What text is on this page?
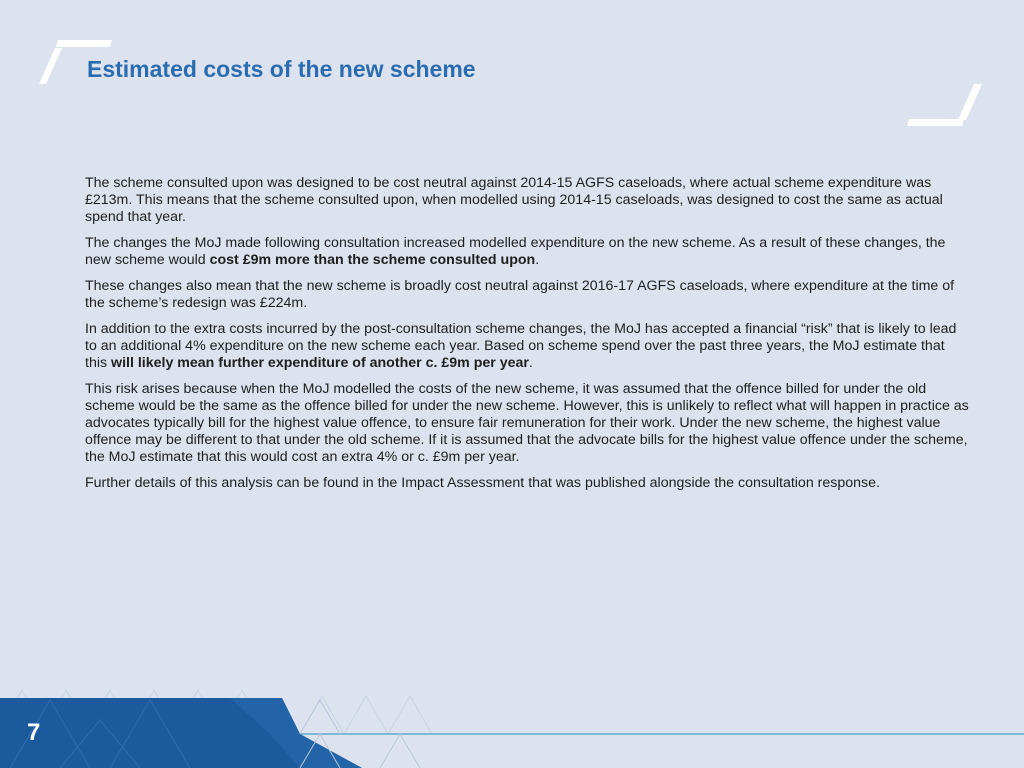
Estimated costs of the new scheme

The scheme consulted upon was designed to be cost neutral against 2014-15 AGFS caseloads, where actual scheme expenditure was £213m. This means that the scheme consulted upon, when modelled using 2014-15 caseloads, was designed to cost the same as actual spend that year.

The changes the MoJ made following consultation increased modelled expenditure on the new scheme. As a result of these changes, the new scheme would cost £9m more than the scheme consulted upon.

These changes also mean that the new scheme is broadly cost neutral against 2016-17 AGFS caseloads, where expenditure at the time of the scheme’s redesign was £224m.

In addition to the extra costs incurred by the post-consultation scheme changes, the MoJ has accepted a financial “risk” that is likely to lead to an additional 4% expenditure on the new scheme each year. Based on scheme spend over the past three years, the MoJ estimate that this will likely mean further expenditure of another c. £9m per year.

This risk arises because when the MoJ modelled the costs of the new scheme, it was assumed that the offence billed for under the old scheme would be the same as the offence billed for under the new scheme. However, this is unlikely to reflect what will happen in practice as advocates typically bill for the highest value offence, to ensure fair remuneration for their work. Under the new scheme, the highest value offence may be different to that under the old scheme. If it is assumed that the advocate bills for the highest value offence under the scheme, the MoJ estimate that this would cost an extra 4% or c. £9m per year.

Further details of this analysis can be found in the Impact Assessment that was published alongside the consultation response.

7
